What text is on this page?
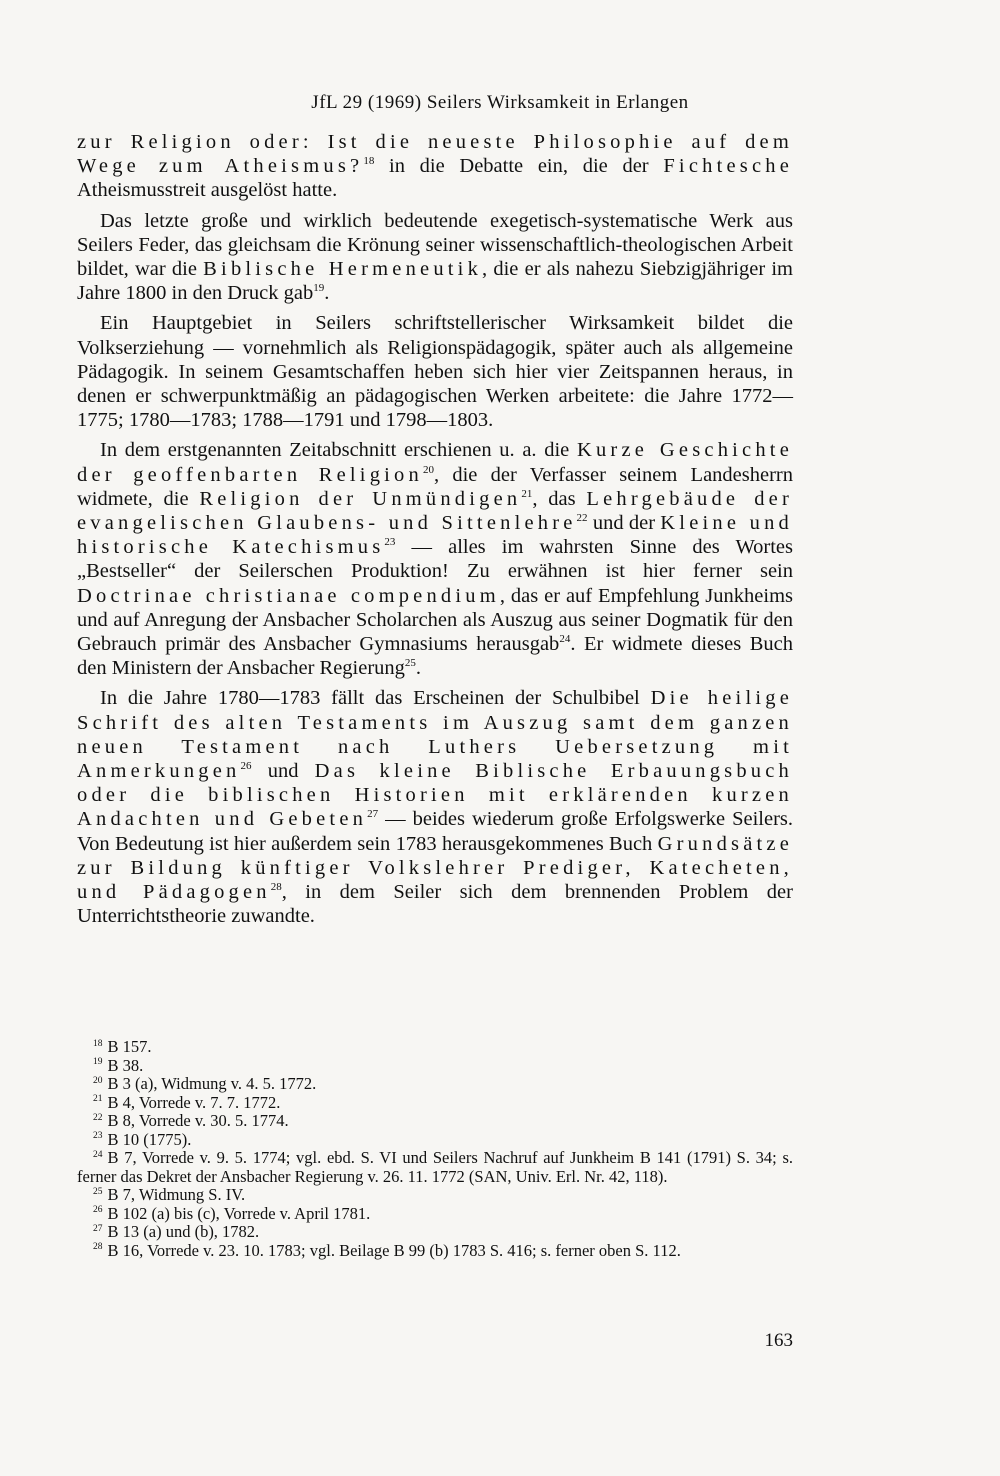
JfL 29 (1969) Seilers Wirksamkeit in Erlangen

zur Religion oder: Ist die neueste Philosophie auf dem Wege zum Atheismus?$^{18}$ in die Debatte ein, die der Fichtesche Atheismusstreit ausgelöst hatte.

Das letzte große und wirklich bedeutende exegetisch-systematische Werk aus Seilers Feder, das gleichsam die Krönung seiner wissenschaftlich-theologischen Arbeit bildet, war die Biblische Hermeneutik, die er als nahezu Siebzigjähriger im Jahre 1800 in den Druck gab$^{19}$.

Ein Hauptgebiet in Seilers schriftstellerischer Wirksamkeit bildet die Volkserziehung — vornehmlich als Religionspädagogik, später auch als allgemeine Pädagogik. In seinem Gesamtschaffen heben sich hier vier Zeitspannen heraus, in denen er schwerpunktmäßig an pädagogischen Werken arbeitete: die Jahre 1772—1775; 1780—1783; 1788—1791 und 1798—1803.

In dem erstgenannten Zeitabschnitt erschienen u. a. die Kurze Geschichte der geoffenbarten Religion$^{20}$, die der Verfasser seinem Landesherrn widmete, die Religion der Unmündigen$^{21}$, das Lehrgebäude der evangelischen Glaubens- und Sittenlehre$^{22}$ und der Kleine und historische Katechismus$^{23}$ — alles im wahrsten Sinne des Wortes „Bestseller“ der Seilerschen Produktion! Zu erwähnen ist hier ferner sein Doctrinae christianae compendium, das er auf Empfehlung Junkheims und auf Anregung der Ansbacher Scholarchen als Auszug aus seiner Dogmatik für den Gebrauch primär des Ansbacher Gymnasiums herausgab$^{24}$. Er widmete dieses Buch den Ministern der Ansbacher Regierung$^{25}$.

In die Jahre 1780—1783 fällt das Erscheinen der Schulbibel Die heilige Schrift des alten Testaments im Auszug samt dem ganzen neuen Testament nach Luthers Uebersetzung mit Anmerkungen$^{26}$ und Das kleine Biblische Erbauungsbuch oder die biblischen Historien mit erklärenden kurzen Andachten und Gebeten$^{27}$ — beides wiederum große Erfolgswerke Seilers. Von Bedeutung ist hier außerdem sein 1783 herausgekommenes Buch Grundsätze zur Bildung künftiger Volkslehrer Prediger, Katecheten, und Pädagogen$^{28}$, in dem Seiler sich dem brennenden Problem der Unterrichtstheorie zuwandte.

$^{18}$ B 157.
$^{19}$ B 38.
$^{20}$ B 3 (a), Widmung v. 4. 5. 1772.
$^{21}$ B 4, Vorrede v. 7. 7. 1772.
$^{22}$ B 8, Vorrede v. 30. 5. 1774.
$^{23}$ B 10 (1775).
$^{24}$ B 7, Vorrede v. 9. 5. 1774; vgl. ebd. S. VI und Seilers Nachruf auf Junkheim B 141 (1791) S. 34; s. ferner das Dekret der Ansbacher Regierung v. 26. 11. 1772 (SAN, Univ. Erl. Nr. 42, 118).
$^{25}$ B 7, Widmung S. IV.
$^{26}$ B 102 (a) bis (c), Vorrede v. April 1781.
$^{27}$ B 13 (a) und (b), 1782.
$^{28}$ B 16, Vorrede v. 23. 10. 1783; vgl. Beilage B 99 (b) 1783 S. 416; s. ferner oben S. 112.
163
